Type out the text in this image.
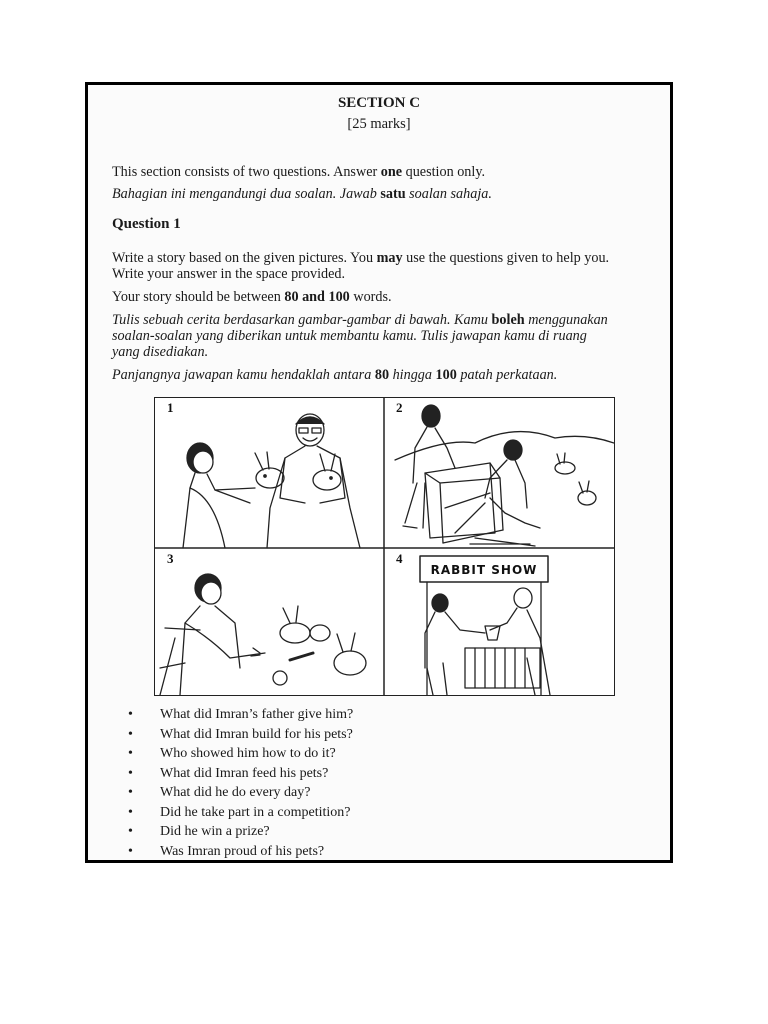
SECTION C
[25 marks]
This section consists of two questions. Answer one question only.
Bahagian ini mengandungi dua soalan. Jawab satu soalan sahaja.
Question 1
Write a story based on the given pictures. You may use the questions given to help you.
Write your answer in the space provided.
Your story should be between 80 and 100 words.
Tulis sebuah cerita berdasarkan gambar-gambar di bawah. Kamu boleh menggunakan
soalan-soalan yang diberikan untuk membantu kamu. Tulis jawapan kamu di ruang
yang disediakan.
Panjangnya jawapan kamu hendaklah antara 80 hingga 100 patah perkataan.
1	2
3	4
RABBIT SHOW
• What did Imran’s father give him?
• What did Imran build for his pets?
• Who showed him how to do it?
• What did Imran feed his pets?
• What did he do every day?
• Did he take part in a competition?
• Did he win a prize?
• Was Imran proud of his pets?
